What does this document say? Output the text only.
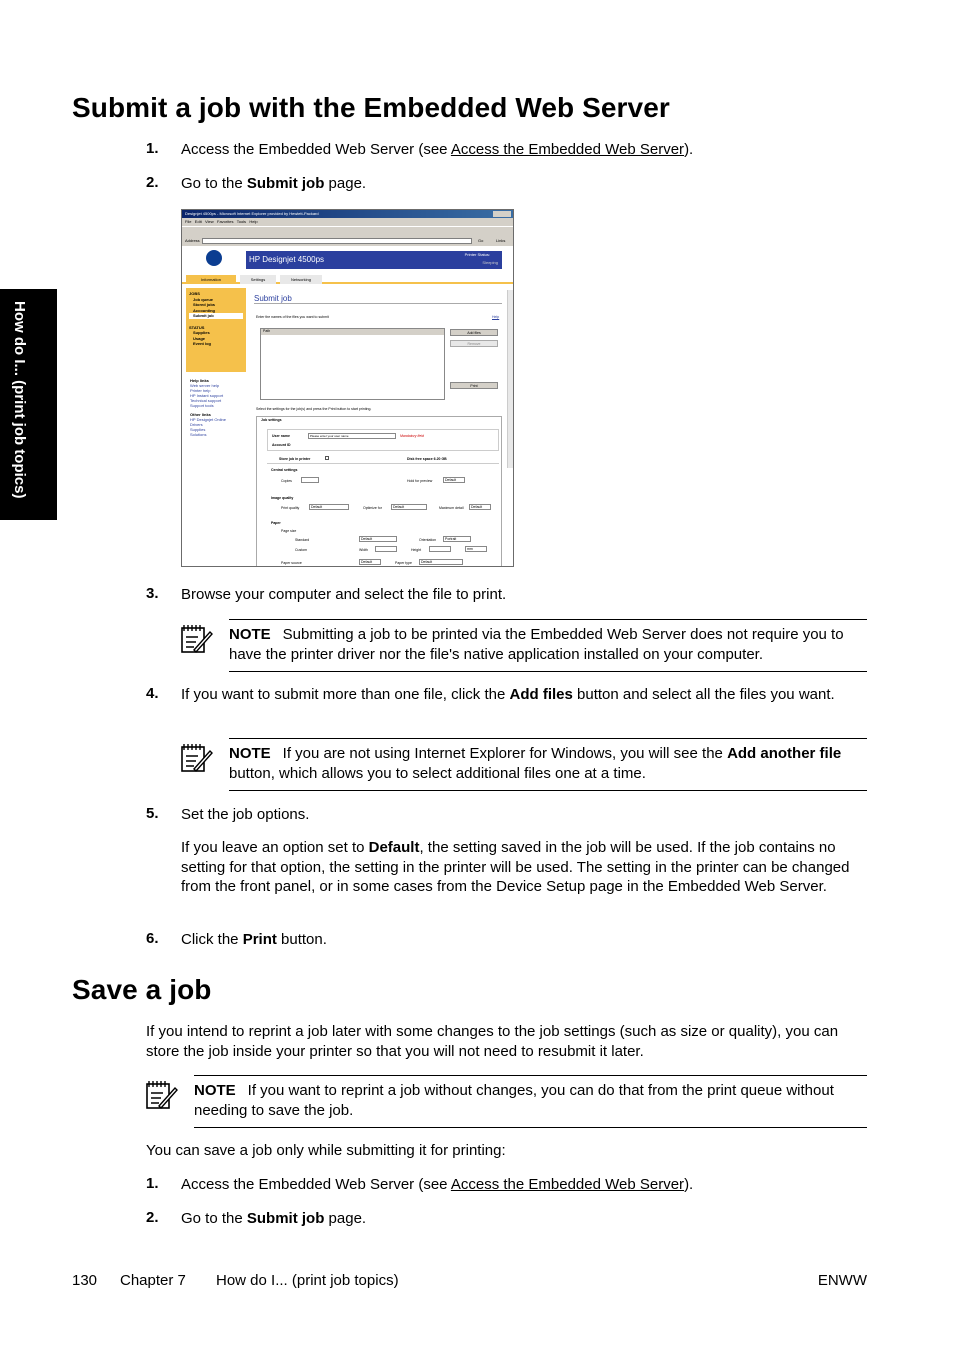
How do I... (print job topics)
Submit a job with the Embedded Web Server
1. Access the Embedded Web Server (see Access the Embedded Web Server).
2. Go to the Submit job page.
Designjet 4500ps - Microsoft Internet Explorer provided by Hewlett-Packard
File Edit View Favorites Tools Help
Address	Go	Links
HP Designjet 4500ps
Printer Status:
Sleeping
Information	Settings	Networking
JOBS
Job queue
Stored jobs
Accounting
Submit job
STATUS
Supplies
Usage
Event log
Help links
Web server help
Printer help
HP Instant support
Technical support
Support tools
Other links
HP Designjet Online
Drivers
Supplies
Solutions
Submit job
Enter the names of the files you want to submit	Help
Path	Add files
Remove
Print
Select the settings for the job(s) and press the Print button to start printing.
Job settings
User name	Please enter your user name	Mandatory field
Account ID
Store job in printer	Disk free space 6.20 GB
Central settings
Copies	Hold for preview	Default
Image quality
Print quality	Default	Optimize for	Default	Maximum detail	Default
Paper
Page size
Standard
Custom
Default
Width	Height
Orientation	Portrait
mm
Paper source	Default	Paper type	Default
3. Browse your computer and select the file to print.
NOTE Submitting a job to be printed via the Embedded Web Server does not require you to have the printer driver nor the file's native application installed on your computer.
4. If you want to submit more than one file, click the Add files button and select all the files you want.
NOTE If you are not using Internet Explorer for Windows, you will see the Add another file button, which allows you to select additional files one at a time.
5. Set the job options.
If you leave an option set to Default, the setting saved in the job will be used. If the job contains no setting for that option, the setting in the printer will be used. The setting in the printer can be changed from the front panel, or in some cases from the Device Setup page in the Embedded Web Server.
6. Click the Print button.
Save a job
If you intend to reprint a job later with some changes to the job settings (such as size or quality), you can store the job inside your printer so that you will not need to resubmit it later.
NOTE If you want to reprint a job without changes, you can do that from the print queue without needing to save the job.
You can save a job only while submitting it for printing:
1. Access the Embedded Web Server (see Access the Embedded Web Server).
2. Go to the Submit job page.
130 Chapter 7 How do I... (print job topics)	ENWW
